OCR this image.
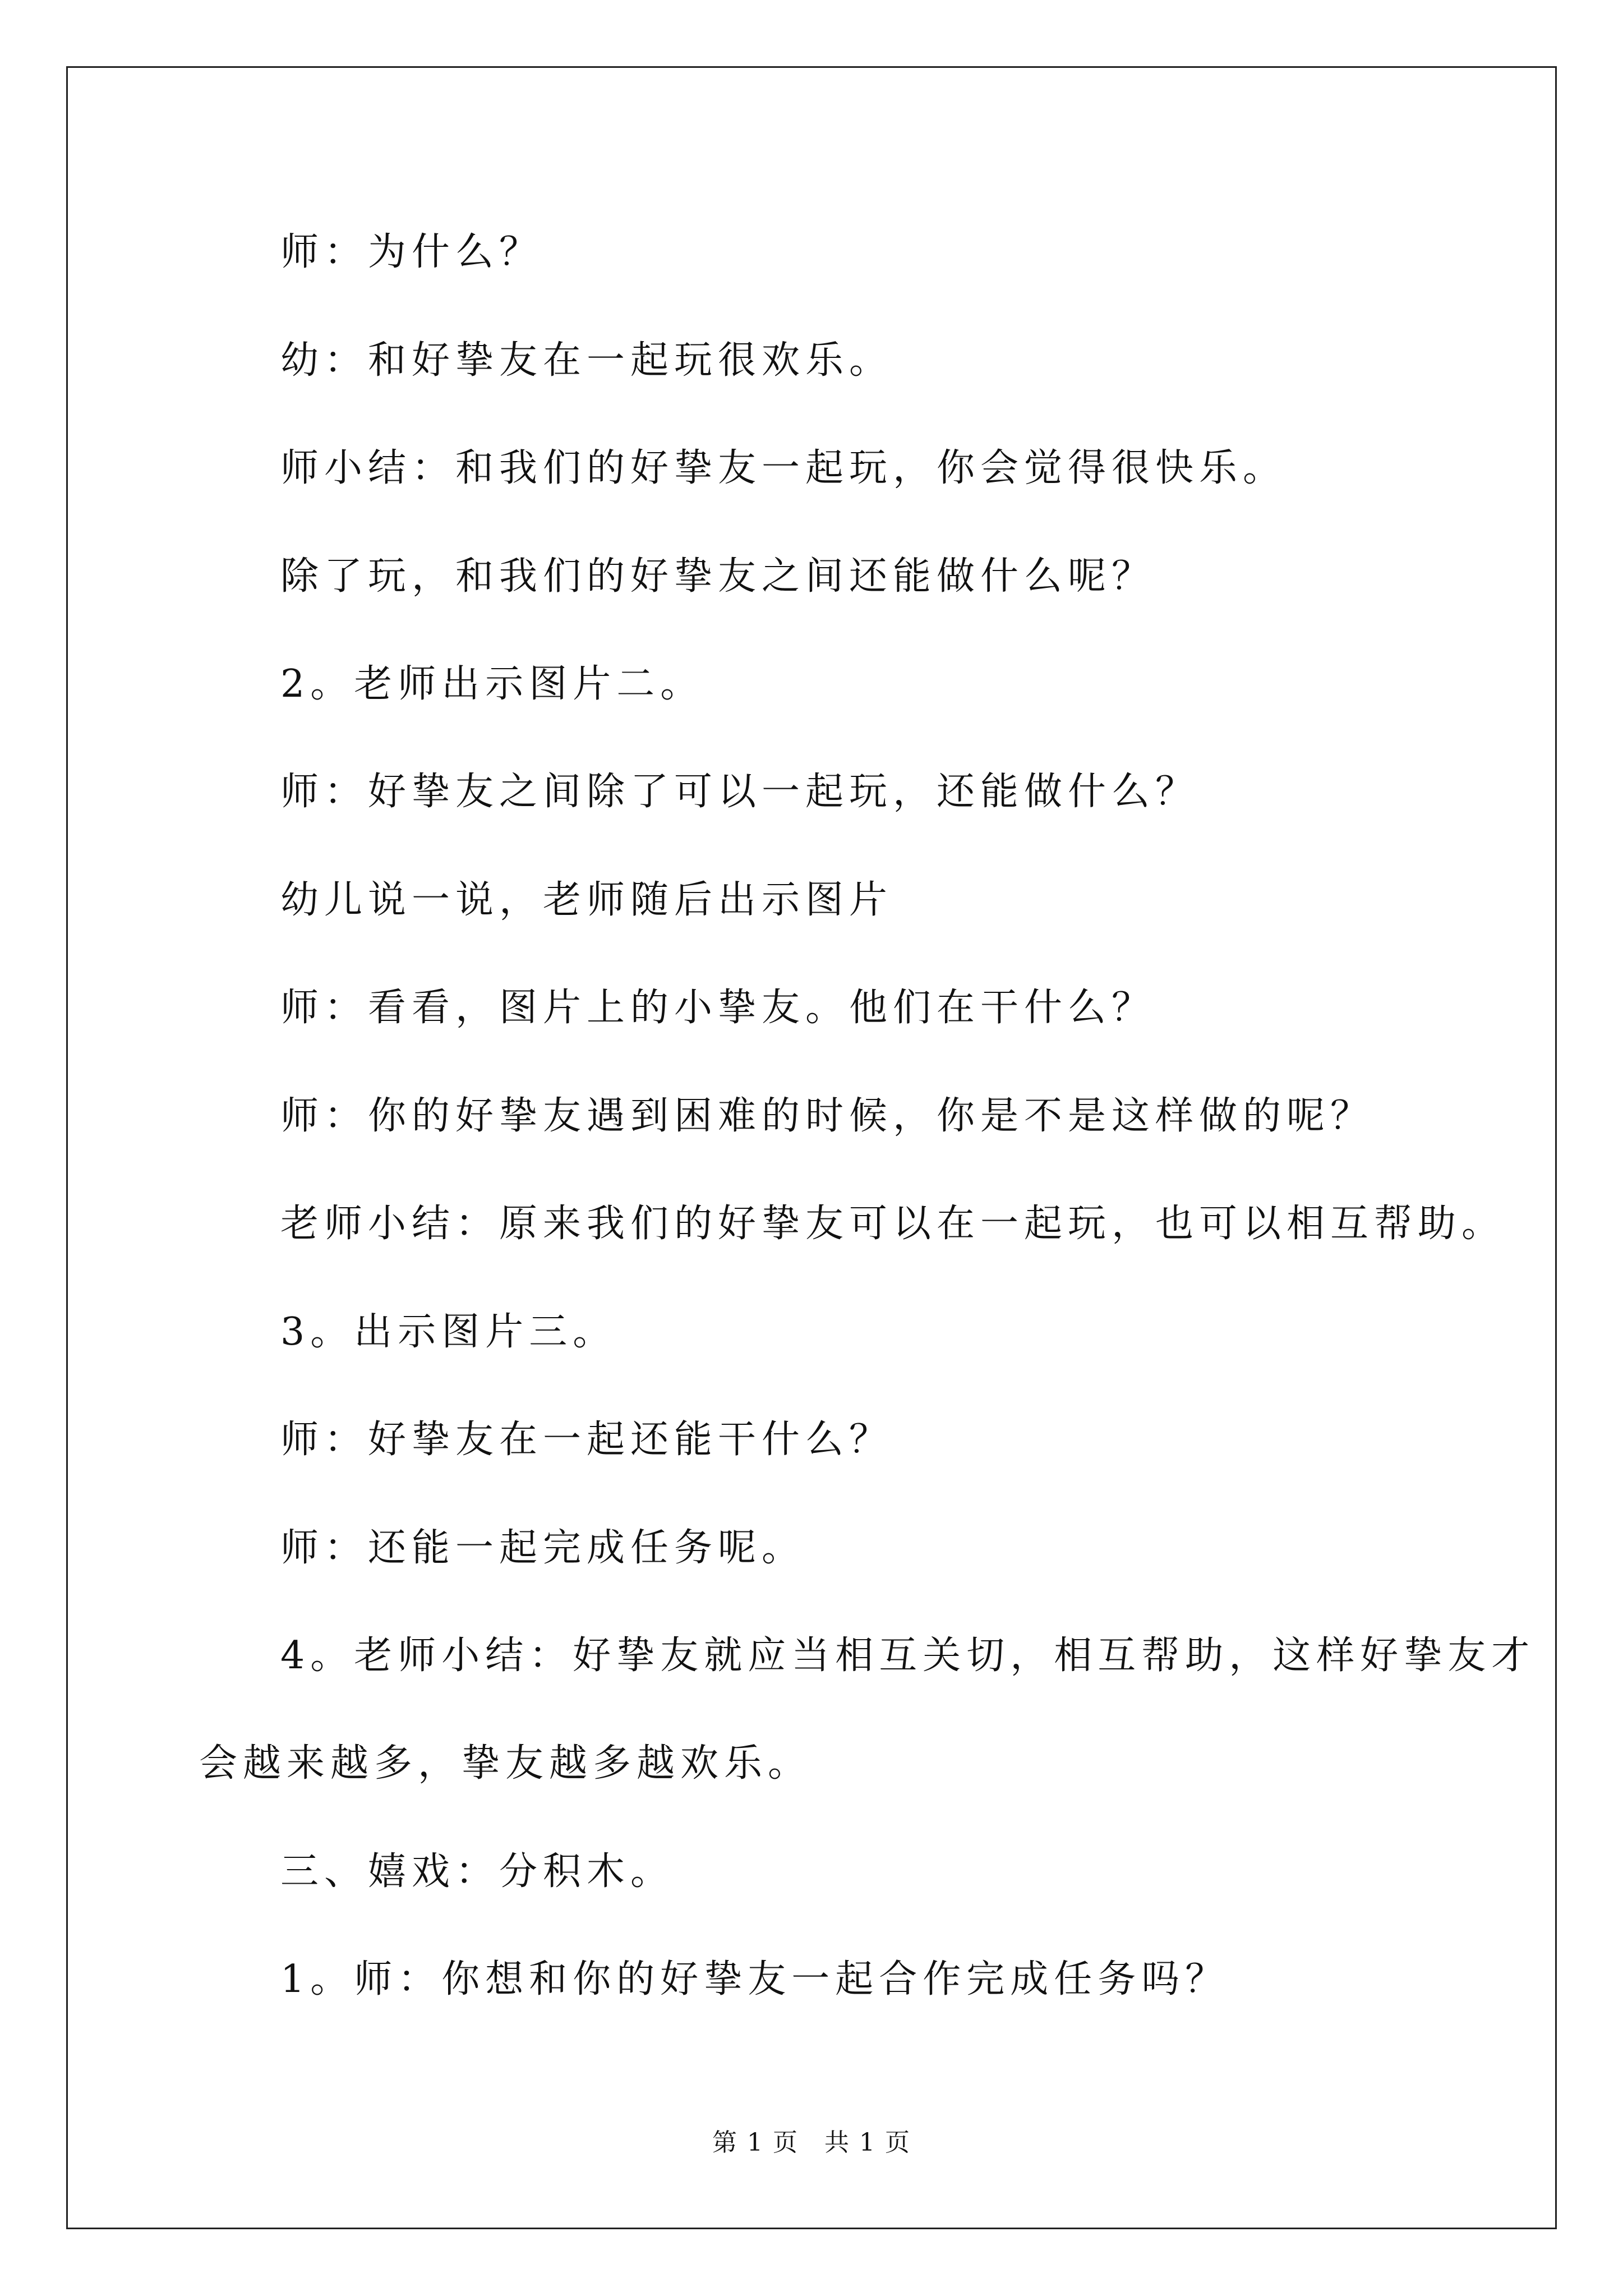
师：为什么？
幼：和好挚友在一起玩很欢乐。
师小结：和我们的好挚友一起玩，你会觉得很快乐。
除了玩，和我们的好挚友之间还能做什么呢？
2。老师出示图片二。
师：好挚友之间除了可以一起玩，还能做什么？
幼儿说一说，老师随后出示图片
师：看看，图片上的小挚友。他们在干什么？
师：你的好挚友遇到困难的时候，你是不是这样做的呢？
老师小结：原来我们的好挚友可以在一起玩，也可以相互帮助。
3。出示图片三。
师：好挚友在一起还能干什么？
师：还能一起完成任务呢。
4。老师小结：好挚友就应当相互关切，相互帮助，这样好挚友才
会越来越多，挚友越多越欢乐。
三、嬉戏：分积木。
1。师：你想和你的好挚友一起合作完成任务吗？
第 1 页　共 1 页
